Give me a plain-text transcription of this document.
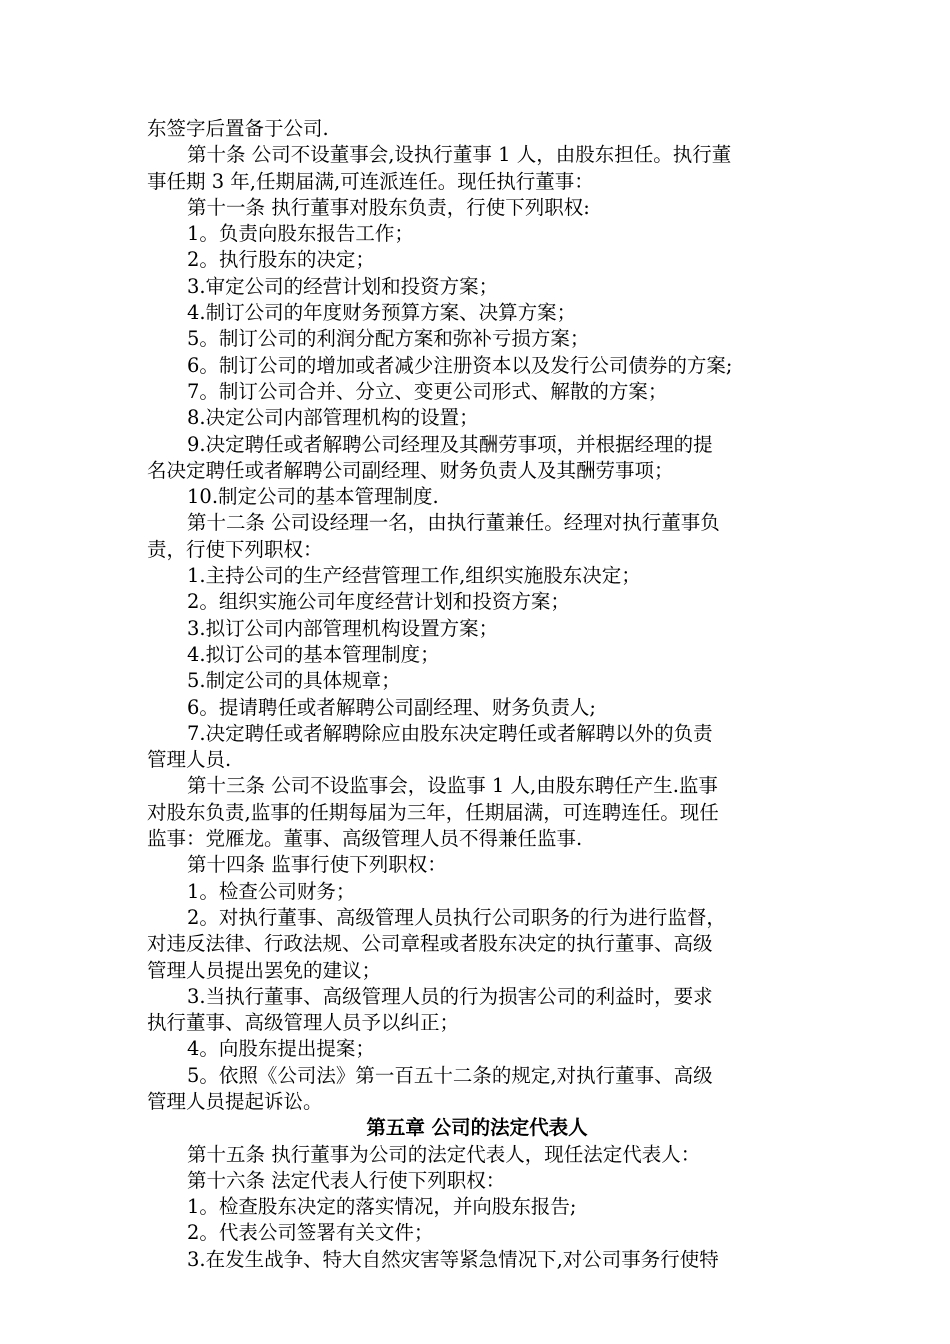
东签字后置备于公司.
第十条 公司不设董事会,设执行董事 1 人，由股东担任。执行董
事任期 3 年,任期届满,可连派连任。现任执行董事：
第十一条 执行董事对股东负责，行使下列职权:
1。负责向股东报告工作；
2。执行股东的决定；
3.审定公司的经营计划和投资方案；
4.制订公司的年度财务预算方案、决算方案；
5。制订公司的利润分配方案和弥补亏损方案；
6。制订公司的增加或者减少注册资本以及发行公司债券的方案;
7。制订公司合并、分立、变更公司形式、解散的方案；
8.决定公司内部管理机构的设置；
9.决定聘任或者解聘公司经理及其酬劳事项，并根据经理的提
名决定聘任或者解聘公司副经理、财务负责人及其酬劳事项；
10.制定公司的基本管理制度.
第十二条 公司设经理一名，由执行董兼任。经理对执行董事负
责，行使下列职权：
1.主持公司的生产经营管理工作,组织实施股东决定；
2。组织实施公司年度经营计划和投资方案；
3.拟订公司内部管理机构设置方案；
4.拟订公司的基本管理制度；
5.制定公司的具体规章；
6。提请聘任或者解聘公司副经理、财务负责人;
7.决定聘任或者解聘除应由股东决定聘任或者解聘以外的负责
管理人员.
第十三条 公司不设监事会，设监事 1 人,由股东聘任产生.监事
对股东负责,监事的任期每届为三年，任期届满，可连聘连任。现任
监事：党雁龙。董事、高级管理人员不得兼任监事.
第十四条 监事行使下列职权：
1。检查公司财务；
2。对执行董事、高级管理人员执行公司职务的行为进行监督，
对违反法律、行政法规、公司章程或者股东决定的执行董事、高级
管理人员提出罢免的建议；
3.当执行董事、高级管理人员的行为损害公司的利益时，要求
执行董事、高级管理人员予以纠正；
4。向股东提出提案；
5。依照《公司法》第一百五十二条的规定,对执行董事、高级
管理人员提起诉讼。
第五章 公司的法定代表人
第十五条 执行董事为公司的法定代表人，现任法定代表人：
第十六条 法定代表人行使下列职权：
1。检查股东决定的落实情况，并向股东报告;
2。代表公司签署有关文件；
3.在发生战争、特大自然灾害等紧急情况下,对公司事务行使特
